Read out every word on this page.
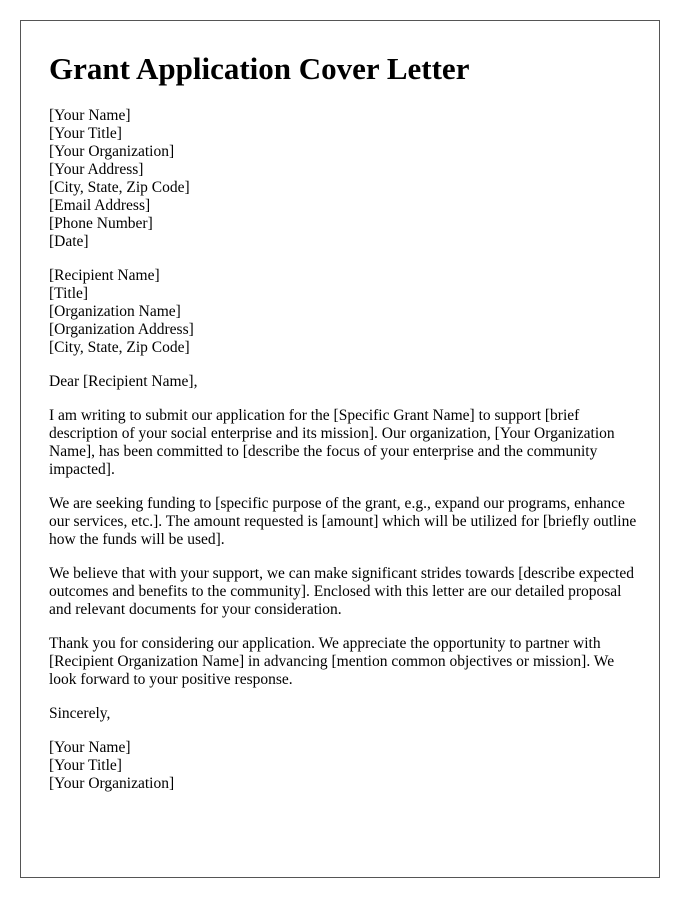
Grant Application Cover Letter
[Your Name]
[Your Title]
[Your Organization]
[Your Address]
[City, State, Zip Code]
[Email Address]
[Phone Number]
[Date]
[Recipient Name]
[Title]
[Organization Name]
[Organization Address]
[City, State, Zip Code]
Dear [Recipient Name],
I am writing to submit our application for the [Specific Grant Name] to support [brief description of your social enterprise and its mission]. Our organization, [Your Organization Name], has been committed to [describe the focus of your enterprise and the community impacted].
We are seeking funding to [specific purpose of the grant, e.g., expand our programs, enhance our services, etc.]. The amount requested is [amount] which will be utilized for [briefly outline how the funds will be used].
We believe that with your support, we can make significant strides towards [describe expected outcomes and benefits to the community]. Enclosed with this letter are our detailed proposal and relevant documents for your consideration.
Thank you for considering our application. We appreciate the opportunity to partner with [Recipient Organization Name] in advancing [mention common objectives or mission]. We look forward to your positive response.
Sincerely,
[Your Name]
[Your Title]
[Your Organization]
